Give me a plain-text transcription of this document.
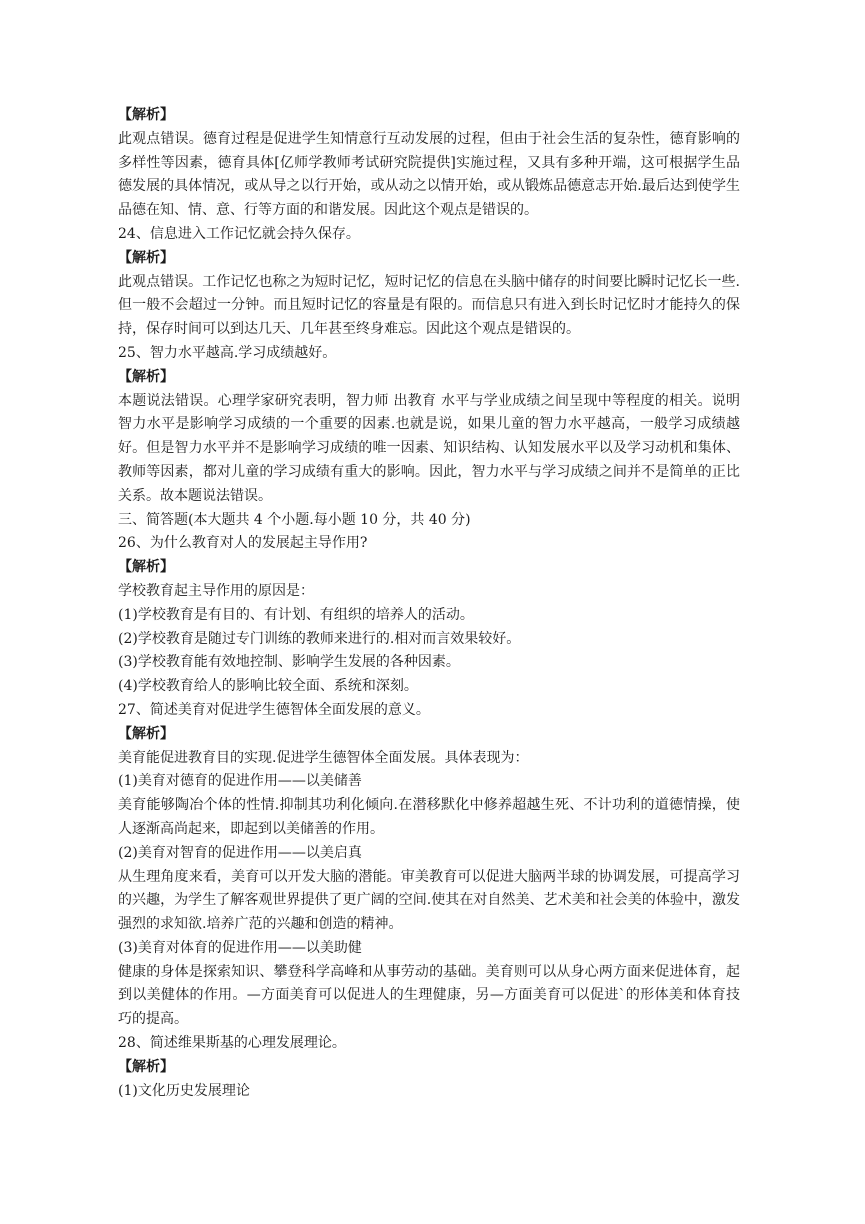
【解析】

此观点错误。德育过程是促进学生知情意行互动发展的过程，但由于社会生活的复杂性，德育影响的多样性等因素，德育具体[亿师学教师考试研究院提供]实施过程，又具有多种开端，这可根据学生品德发展的具体情况，或从导之以行开始，或从动之以情开始，或从锻炼品德意志开始.最后达到使学生品德在知、情、意、行等方面的和谐发展。因此这个观点是错误的。

24、信息进入工作记忆就会持久保存。

【解析】

此观点错误。工作记忆也称之为短时记忆，短时记忆的信息在头脑中储存的时间要比瞬时记忆长一些.但一般不会超过一分钟。而且短时记忆的容量是有限的。而信息只有进入到长时记忆时才能持久的保持，保存时间可以到达几天、几年甚至终身难忘。因此这个观点是错误的。

25、智力水平越高.学习成绩越好。

【解析】

本题说法错误。心理学家研究表明，智力师 出教育 水平与学业成绩之间呈现中等程度的相关。说明智力水平是影响学习成绩的一个重要的因素.也就是说，如果儿童的智力水平越高，一般学习成绩越好。但是智力水平并不是影响学习成绩的唯一因素、知识结构、认知发展水平以及学习动机和集体、教师等因素，都对儿童的学习成绩有重大的影响。因此，智力水平与学习成绩之间并不是简单的正比关系。故本题说法错误。

三、简答题(本大题共 4 个小题.每小题 10 分，共 40 分)

26、为什么教育对人的发展起主导作用?

【解析】

学校教育起主导作用的原因是：

(1)学校教育是有目的、有计划、有组织的培养人的活动。

(2)学校教育是随过专门训练的教师来进行的.相对而言效果较好。

(3)学校教育能有效地控制、影响学生发展的各种因素。

(4)学校教育给人的影响比较全面、系统和深刻。

27、简述美育对促进学生德智体全面发展的意义。

【解析】

美育能促进教育目的实现.促进学生德智体全面发展。具体表现为：

(1)美育对德育的促进作用——以美储善

美育能够陶冶个体的性情.抑制其功利化倾向.在潜移默化中修养超越生死、不计功利的道德情操，使人逐渐高尚起来，即起到以美储善的作用。

(2)美育对智育的促进作用——以美启真

从生理角度来看，美育可以开发大脑的潜能。审美教育可以促进大脑两半球的协调发展，可提高学习的兴趣，为学生了解客观世界提供了更广阔的空间.使其在对自然美、艺术美和社会美的体验中，激发强烈的求知欲.培养广范的兴趣和创造的精神。

(3)美育对体育的促进作用——以美助健

健康的身体是探索知识、攀登科学高峰和从事劳动的基础。美育则可以从身心两方面来促进体育，起到以美健体的作用。—方面美育可以促进人的生理健康，另—方面美育可以促进`的形体美和体育技巧的提高。

28、简述维果斯基的心理发展理论。

【解析】

(1)文化历史发展理论
